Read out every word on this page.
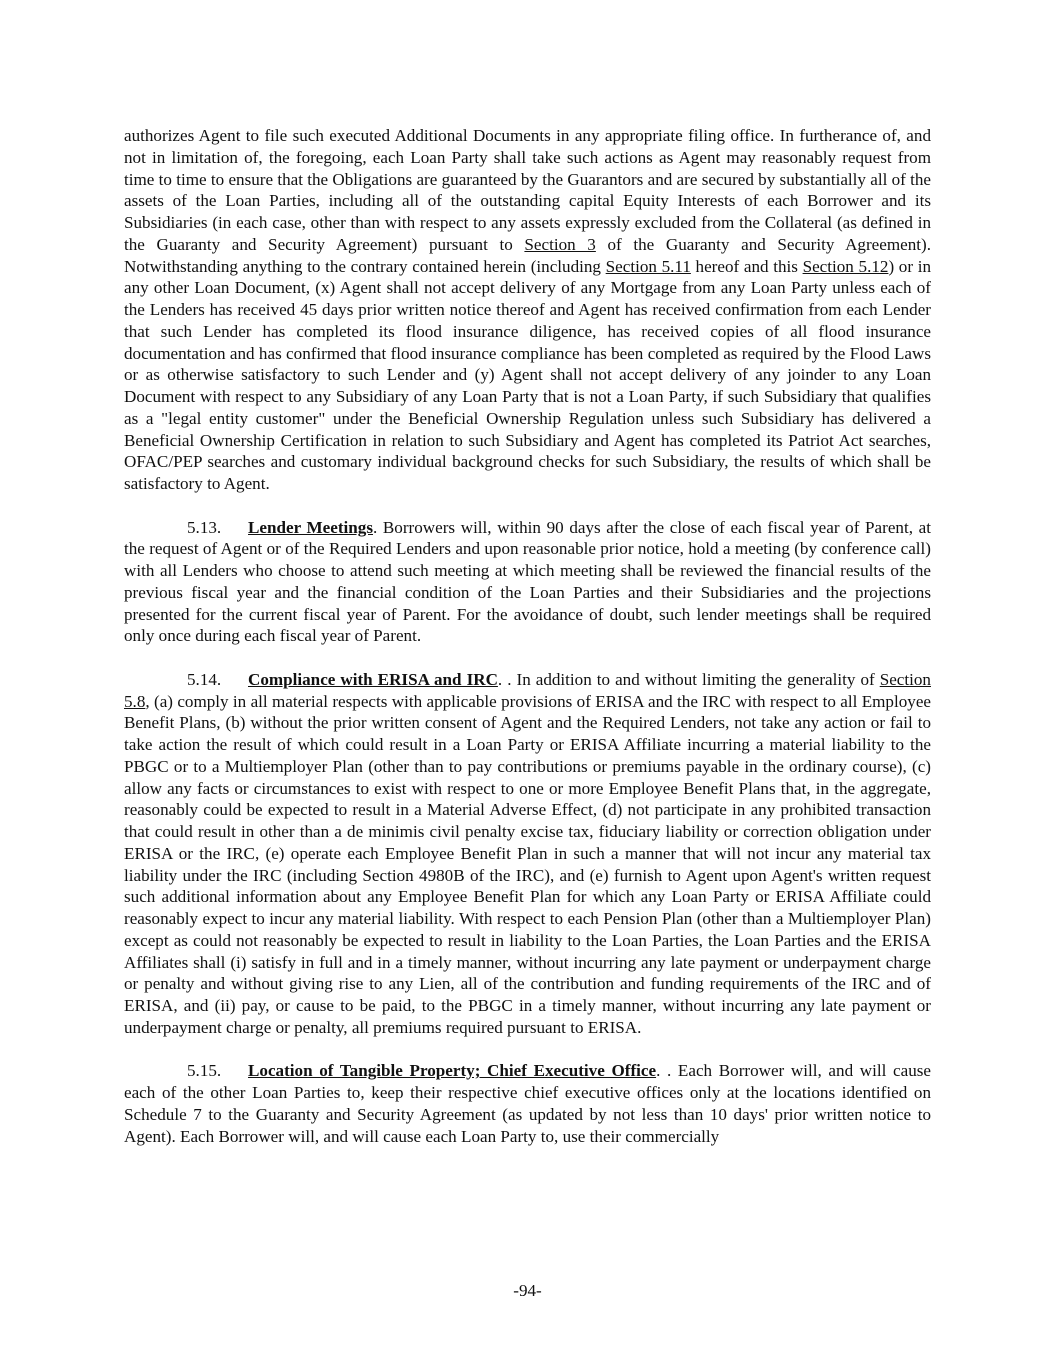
authorizes Agent to file such executed Additional Documents in any appropriate filing office. In furtherance of, and not in limitation of, the foregoing, each Loan Party shall take such actions as Agent may reasonably request from time to time to ensure that the Obligations are guaranteed by the Guarantors and are secured by substantially all of the assets of the Loan Parties, including all of the outstanding capital Equity Interests of each Borrower and its Subsidiaries (in each case, other than with respect to any assets expressly excluded from the Collateral (as defined in the Guaranty and Security Agreement) pursuant to Section 3 of the Guaranty and Security Agreement). Notwithstanding anything to the contrary contained herein (including Section 5.11 hereof and this Section 5.12) or in any other Loan Document, (x) Agent shall not accept delivery of any Mortgage from any Loan Party unless each of the Lenders has received 45 days prior written notice thereof and Agent has received confirmation from each Lender that such Lender has completed its flood insurance diligence, has received copies of all flood insurance documentation and has confirmed that flood insurance compliance has been completed as required by the Flood Laws or as otherwise satisfactory to such Lender and (y) Agent shall not accept delivery of any joinder to any Loan Document with respect to any Subsidiary of any Loan Party that is not a Loan Party, if such Subsidiary that qualifies as a "legal entity customer" under the Beneficial Ownership Regulation unless such Subsidiary has delivered a Beneficial Ownership Certification in relation to such Subsidiary and Agent has completed its Patriot Act searches, OFAC/PEP searches and customary individual background checks for such Subsidiary, the results of which shall be satisfactory to Agent.

5.13. Lender Meetings. Borrowers will, within 90 days after the close of each fiscal year of Parent, at the request of Agent or of the Required Lenders and upon reasonable prior notice, hold a meeting (by conference call) with all Lenders who choose to attend such meeting at which meeting shall be reviewed the financial results of the previous fiscal year and the financial condition of the Loan Parties and their Subsidiaries and the projections presented for the current fiscal year of Parent. For the avoidance of doubt, such lender meetings shall be required only once during each fiscal year of Parent.

5.14. Compliance with ERISA and IRC. . In addition to and without limiting the generality of Section 5.8, (a) comply in all material respects with applicable provisions of ERISA and the IRC with respect to all Employee Benefit Plans, (b) without the prior written consent of Agent and the Required Lenders, not take any action or fail to take action the result of which could result in a Loan Party or ERISA Affiliate incurring a material liability to the PBGC or to a Multiemployer Plan (other than to pay contributions or premiums payable in the ordinary course), (c) allow any facts or circumstances to exist with respect to one or more Employee Benefit Plans that, in the aggregate, reasonably could be expected to result in a Material Adverse Effect, (d) not participate in any prohibited transaction that could result in other than a de minimis civil penalty excise tax, fiduciary liability or correction obligation under ERISA or the IRC, (e) operate each Employee Benefit Plan in such a manner that will not incur any material tax liability under the IRC (including Section 4980B of the IRC), and (e) furnish to Agent upon Agent's written request such additional information about any Employee Benefit Plan for which any Loan Party or ERISA Affiliate could reasonably expect to incur any material liability. With respect to each Pension Plan (other than a Multiemployer Plan) except as could not reasonably be expected to result in liability to the Loan Parties, the Loan Parties and the ERISA Affiliates shall (i) satisfy in full and in a timely manner, without incurring any late payment or underpayment charge or penalty and without giving rise to any Lien, all of the contribution and funding requirements of the IRC and of ERISA, and (ii) pay, or cause to be paid, to the PBGC in a timely manner, without incurring any late payment or underpayment charge or penalty, all premiums required pursuant to ERISA.

5.15. Location of Tangible Property; Chief Executive Office. . Each Borrower will, and will cause each of the other Loan Parties to, keep their respective chief executive offices only at the locations identified on Schedule 7 to the Guaranty and Security Agreement (as updated by not less than 10 days' prior written notice to Agent). Each Borrower will, and will cause each Loan Party to, use their commercially

-94-
